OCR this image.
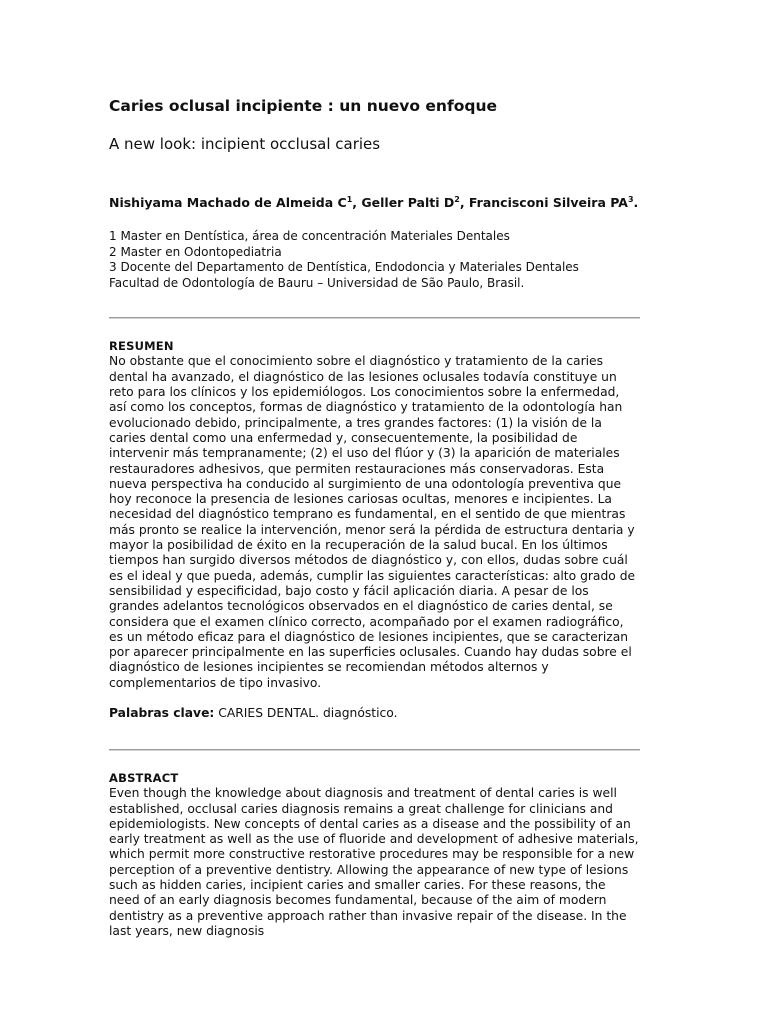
Caries oclusal incipiente : un nuevo enfoque
A new look: incipient occlusal caries

Nishiyama Machado de Almeida $C^1$, Geller Palti $D^2$, Francisconi Silveira $PA^3$.

1 Master en Dentística, área de concentración Materiales Dentales
2 Master en Odontopediatria
3 Docente del Departamento de Dentística, Endodoncia y Materiales Dentales
Facultad de Odontología de Bauru – Universidad de São Paulo, Brasil.
RESUMEN

No obstante que el conocimiento sobre el diagnóstico y tratamiento de la caries dental ha avanzado, el diagnóstico de las lesiones oclusales todavía constituye un reto para los clínicos y los epidemiólogos. Los conocimientos sobre la enfermedad, así como los conceptos, formas de diagnóstico y tratamiento de la odontología han evolucionado debido, principalmente, a tres grandes factores: (1) la visión de la caries dental como una enfermedad y, consecuentemente, la posibilidad de intervenir más tempranamente; (2) el uso del flúor y (3) la aparición de materiales restauradores adhesivos, que permiten restauraciones más conservadoras. Esta nueva perspectiva ha conducido al surgimiento de una odontología preventiva que hoy reconoce la presencia de lesiones cariosas ocultas, menores e incipientes. La necesidad del diagnóstico temprano es fundamental, en el sentido de que mientras más pronto se realice la intervención, menor será la pérdida de estructura dentaria y mayor la posibilidad de éxito en la recuperación de la salud bucal. En los últimos tiempos han surgido diversos métodos de diagnóstico y, con ellos, dudas sobre cuál es el ideal y que pueda, además, cumplir las siguientes características: alto grado de sensibilidad y especificidad, bajo costo y fácil aplicación diaria. A pesar de los grandes adelantos tecnológicos observados en el diagnóstico de caries dental, se considera que el examen clínico correcto, acompañado por el examen radiográfico, es un método eficaz para el diagnóstico de lesiones incipientes, que se caracterizan por aparecer principalmente en las superficies oclusales. Cuando hay dudas sobre el diagnóstico de lesiones incipientes se recomiendan métodos alternos y complementarios de tipo invasivo.

Palabras clave: CARIES DENTAL. diagnóstico.

ABSTRACT

Even though the knowledge about diagnosis and treatment of dental caries is well established, occlusal caries diagnosis remains a great challenge for clinicians and epidemiologists. New concepts of dental caries as a disease and the possibility of an early treatment as well as the use of fluoride and development of adhesive materials, which permit more constructive restorative procedures may be responsible for a new perception of a preventive dentistry. Allowing the appearance of new type of lesions such as hidden caries, incipient caries and smaller caries. For these reasons, the need of an early diagnosis becomes fundamental, because of the aim of modern dentistry as a preventive approach rather than invasive repair of the disease. In the last years, new diagnosis
